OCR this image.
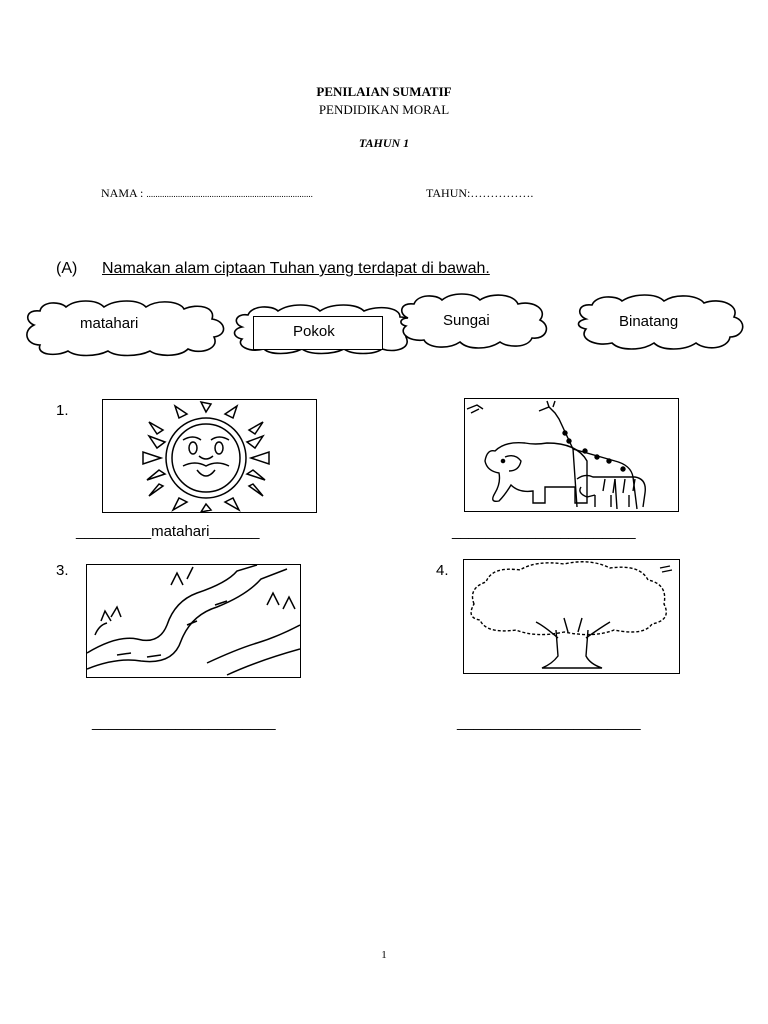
PENILAIAN SUMATIF
PENDIDIKAN MORAL
TAHUN 1
NAMA : ..........................................................................	TAHUN:…………….
(A) Namakan alam ciptaan Tuhan yang terdapat di bawah.
matahari	Pokok
Sungai	Binatang
1.
_________matahari______	______________________
3.
______________________
4.
______________________
1
